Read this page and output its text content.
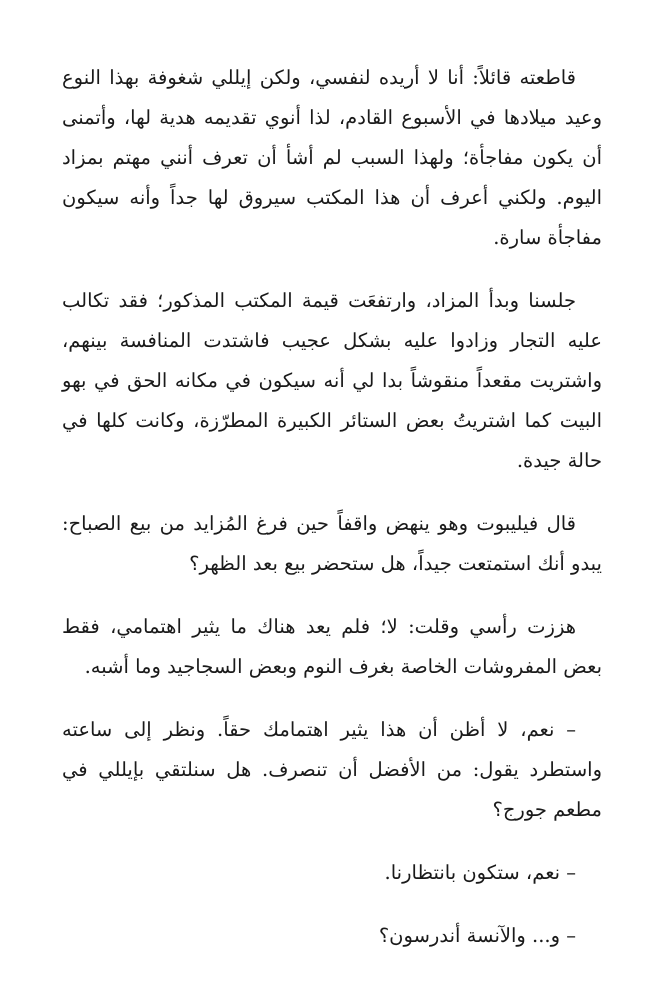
قاطعته قائلاً: أنا لا أريده لنفسي، ولكن إيللي شغوفة بهذا النوع وعيد ميلادها في الأسبوع القادم، لذا أنوي تقديمه هدية لها، وأتمنى أن يكون مفاجأة؛ ولهذا السبب لم أشأ أن تعرف أنني مهتم بمزاد اليوم. ولكني أعرف أن هذا المكتب سيروق لها جداً وأنه سيكون مفاجأة سارة.

جلسنا وبدأ المزاد، وارتفعَت قيمة المكتب المذكور؛ فقد تكالب عليه التجار وزادوا عليه بشكل عجيب فاشتدت المنافسة بينهم، واشتريت مقعداً منقوشاً بدا لي أنه سيكون في مكانه الحق في بهو البيت كما اشتريتُ بعض الستائر الكبيرة المطرّزة، وكانت كلها في حالة جيدة.

قال فيليبوت وهو ينهض واقفاً حين فرغ المُزايد من بيع الصباح: يبدو أنك استمتعت جيداً، هل ستحضر بيع بعد الظهر؟

هززت رأسي وقلت: لا؛ فلم يعد هناك ما يثير اهتمامي، فقط بعض المفروشات الخاصة بغرف النوم وبعض السجاجيد وما أشبه.

– نعم، لا أظن أن هذا يثير اهتمامك حقاً. ونظر إلى ساعته واستطرد يقول: من الأفضل أن تنصرف. هل سنلتقي بإيللي في مطعم جورج؟

– نعم، ستكون بانتظارنا.

– و... والآنسة أندرسون؟
